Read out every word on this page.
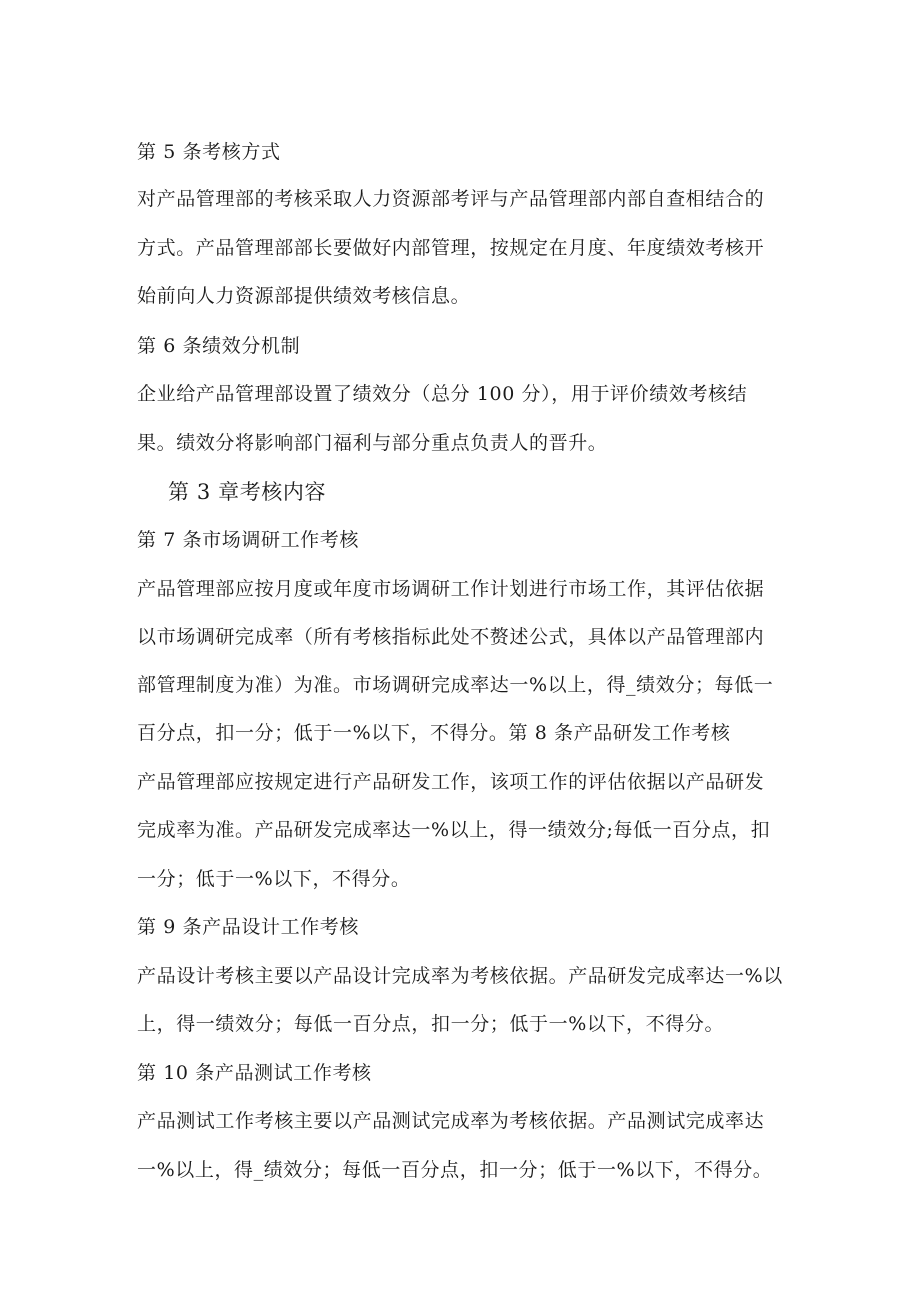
第 5 条考核方式
对产品管理部的考核采取人力资源部考评与产品管理部内部自查相结合的
方式。产品管理部部长要做好内部管理，按规定在月度、年度绩效考核开
始前向人力资源部提供绩效考核信息。
第 6 条绩效分机制
企业给产品管理部设置了绩效分（总分 100 分），用于评价绩效考核结
果。绩效分将影响部门福利与部分重点负责人的晋升。
第 3 章考核内容
第 7 条市场调研工作考核
产品管理部应按月度或年度市场调研工作计划进行市场工作，其评估依据
以市场调研完成率（所有考核指标此处不赘述公式，具体以产品管理部内
部管理制度为准）为准。市场调研完成率达一%以上，得_绩效分；每低一
百分点，扣一分；低于一%以下，不得分。第 8 条产品研发工作考核
产品管理部应按规定进行产品研发工作，该项工作的评估依据以产品研发
完成率为准。产品研发完成率达一%以上，得一绩效分;每低一百分点，扣
一分；低于一%以下，不得分。
第 9 条产品设计工作考核
产品设计考核主要以产品设计完成率为考核依据。产品研发完成率达一%以
上，得一绩效分；每低一百分点，扣一分；低于一%以下，不得分。
第 10 条产品测试工作考核
产品测试工作考核主要以产品测试完成率为考核依据。产品测试完成率达
一%以上，得_绩效分；每低一百分点，扣一分；低于一%以下，不得分。
